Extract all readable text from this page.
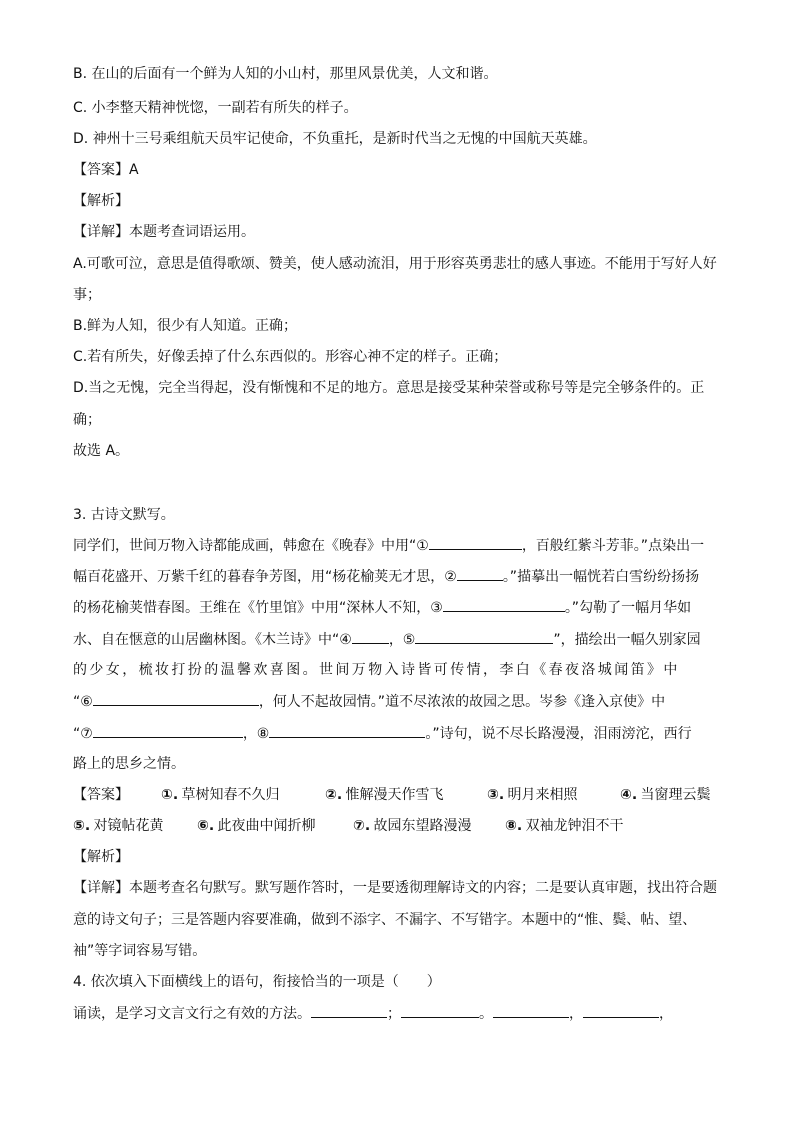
B. 在山的后面有一个鲜为人知的小山村，那里风景优美，人文和谐。
C. 小李整天精神恍惚，一副若有所失的样子。
D. 神州十三号乘组航天员牢记使命，不负重托，是新时代当之无愧的中国航天英雄。
【答案】A
【解析】
【详解】本题考查词语运用。
A.可歌可泣，意思是值得歌颂、赞美，使人感动流泪，用于形容英勇悲壮的感人事迹。不能用于写好人好
事；
B.鲜为人知，很少有人知道。正确；
C.若有所失，好像丢掉了什么东西似的。形容心神不定的样子。正确；
D.当之无愧，完全当得起，没有惭愧和不足的地方。意思是接受某种荣誉或称号等是完全够条件的。正
确；
故选 A。
3. 古诗文默写。
同学们，世间万物入诗都能成画，韩愈在《晚春》中用“①	，百般红紫斗芳菲。”点染出一
幅百花盛开、万紫千红的暮春争芳图，用“杨花榆荚无才思，②	。”描摹出一幅恍若白雪纷纷扬扬
的杨花榆荚惜春图。王维在《竹里馆》中用“深林人不知，③	。”勾勒了一幅月华如
水、自在惬意的山居幽林图。《木兰诗》中“④	，⑤	”，描绘出一幅久别家园
的少女，梳妆打扮的温馨欢喜图。世间万物入诗皆可传情，李白《春夜洛城闻笛》中
“⑥	，何人不起故园情。”道不尽浓浓的故园之思。岑参《逢入京使》中
“⑦	，⑧	。”诗句，说不尽长路漫漫，泪雨滂沱，西行
路上的思乡之情。
【答案】 ①. 草树知春不久归	②. 惟解漫天作雪飞	③. 明月来相照	④. 当窗理云鬓
⑤. 对镜帖花黄 ⑥. 此夜曲中闻折柳	⑦. 故园东望路漫漫 ⑧. 双袖龙钟泪不干
【解析】
【详解】本题考查名句默写。默写题作答时，一是要透彻理解诗文的内容；二是要认真审题，找出符合题
意的诗文句子；三是答题内容要准确，做到不添字、不漏字、不写错字。本题中的“惟、鬓、帖、望、
袖”等字词容易写错。
4. 依次填入下面横线上的语句，衔接恰当的一项是（　　）
诵读，是学习文言文行之有效的方法。	；	。	，	，
